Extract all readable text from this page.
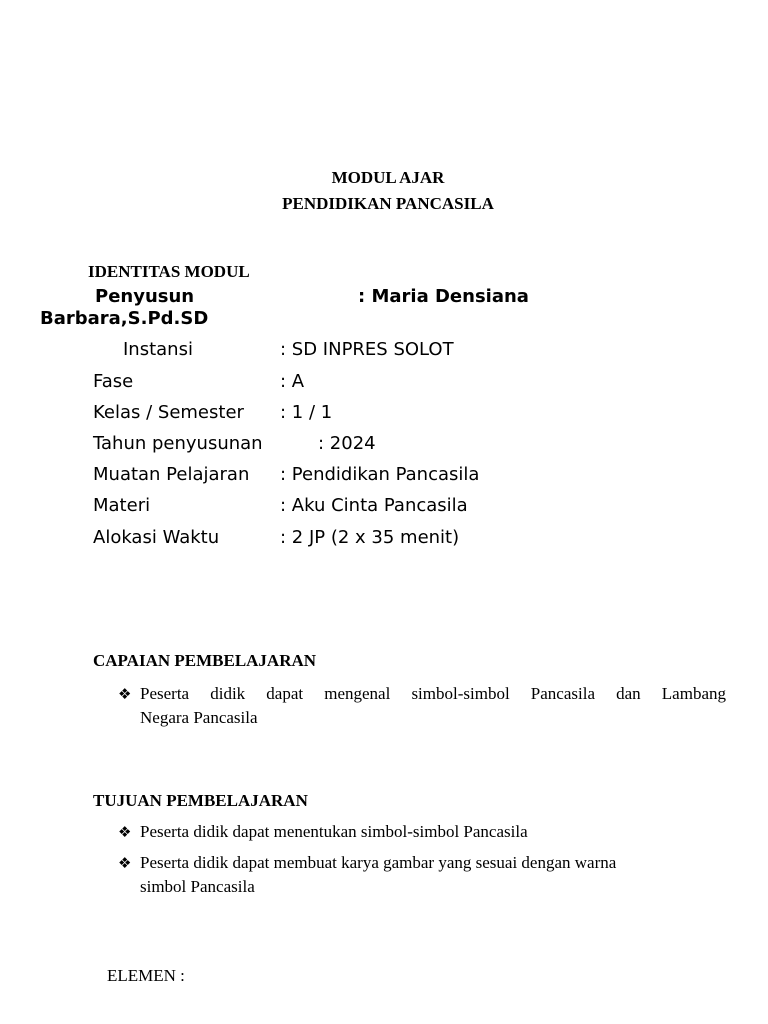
MODUL AJAR
PENDIDIKAN PANCASILA
IDENTITAS MODUL
Penyusun	: Maria Densiana
Barbara,S.Pd.SD
Instansi	: SD INPRES SOLOT
Fase	: A
Kelas / Semester : 1 / 1
Tahun penyusunan	: 2024
Muatan Pelajaran : Pendidikan Pancasila
Materi	: Aku Cinta Pancasila
Alokasi Waktu	: 2 JP (2 x 35 menit)
CAPAIAN PEMBELAJARAN
❖ Peserta didik dapat mengenal simbol-simbol Pancasila dan Lambang
Negara Pancasila
TUJUAN PEMBELAJARAN
❖ Peserta didik dapat menentukan simbol-simbol Pancasila
❖ Peserta didik dapat membuat karya gambar yang sesuai dengan warna
simbol Pancasila
ELEMEN :
